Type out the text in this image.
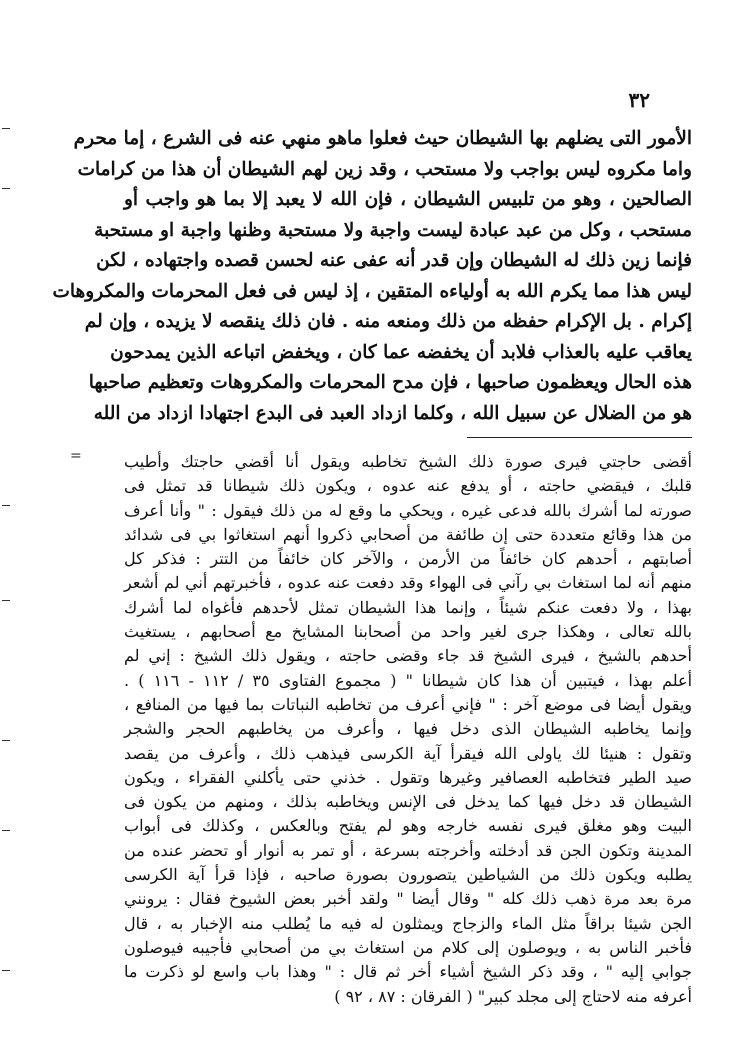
٣٢
الأمور التى يضلهم بها الشيطان حيث فعلوا ماهو منهي عنه فى الشرع ، إما محرم
واما مكروه ليس بواجب ولا مستحب ، وقد زين لهم الشيطان أن هذا من كرامات
الصالحين ، وهو من تلبيس الشيطان ، فإن الله لا يعبد إلا بما هو واجب أو
مستحب ، وكل من عبد عبادة ليست واجبة ولا مستحبة وظنها واجبة او مستحبة
فإنما زين ذلك له الشيطان وإن قدر أنه عفى عنه لحسن قصده واجتهاده ، لكن
ليس هذا مما يكرم الله به أولياءه المتقين ، إذ ليس فى فعل المحرمات والمكروهات
إكرام . بل الإكرام حفظه من ذلك ومنعه منه . فان ذلك ينقصه لا يزيده ، وإن لم
يعاقب عليه بالعذاب فلابد أن يخفضه عما كان ، ويخفض اتباعه الذين يمدحون
هذه الحال ويعظمون صاحبها ، فإن مدح المحرمات والمكروهات وتعظيم صاحبها
هو من الضلال عن سبيل الله ، وكلما ازداد العبد فى البدع اجتهادا ازداد من الله
=	أقضى حاجتي فيرى صورة ذلك الشيخ تخاطبه ويقول أنا أقضي حاجتك وأطيب
قلبك ، فيقضي حاجته ، أو يدفع عنه عدوه ، ويكون ذلك شيطانا قد تمثل فى
صورته لما أشرك بالله فدعى غيره ، ويحكي ما وقع له من ذلك فيقول : " وأنا أعرف
من هذا وقائع متعددة حتى إن طائفة من أصحابي ذكروا أنهم استغاثوا بي فى شدائد
أصابتهم ، أحدهم كان خائفاً من الأرمن ، والآخر كان خائفاً من التتر : فذكر كل
منهم أنه لما استغاث بي رآني فى الهواء وقد دفعت عنه عدوه ، فأخبرتهم أني لم أشعر
بهذا ، ولا دفعت عنكم شيئاً ، وإنما هذا الشيطان تمثل لأحدهم فأغواه لما أشرك
بالله تعالى ، وهكذا جرى لغير واحد من أصحابنا المشايخ مع أصحابهم ، يستغيث
أحدهم بالشيخ ، فيرى الشيخ قد جاء وقضى حاجته ، ويقول ذلك الشيخ : إني لم
أعلم بهذا ، فيتبين أن هذا كان شيطانا " ( مجموع الفتاوى ٣٥ / ١١٢ - ١١٦ ) .
ويقول أيضا فى موضع آخر : " فإني أعرف من تخاطبه النباتات بما فيها من المنافع ،
وإنما يخاطبه الشيطان الذى دخل فيها ، وأعرف من يخاطبهم الحجر والشجر
وتقول : هنيئا لك ياولى الله فيقرأ آية الكرسى فيذهب ذلك ، وأعرف من يقصد
صيد الطير فتخاطبه العصافير وغيرها وتقول . خذني حتى يأكلني الفقراء ، ويكون
الشيطان قد دخل فيها كما يدخل فى الإنس ويخاطبه بذلك ، ومنهم من يكون فى
البيت وهو مغلق فيرى نفسه خارجه وهو لم يفتح وبالعكس ، وكذلك فى أبواب
المدينة وتكون الجن قد أدخلته وأخرجته بسرعة ، أو تمر به أنوار أو تحضر عنده من
يطلبه ويكون ذلك من الشياطين يتصورون بصورة صاحبه ، فإذا قرأ آية الكرسى
مرة بعد مرة ذهب ذلك كله " وقال أيضا " ولقد أخبر بعض الشيوخ فقال : يرونني
الجن شيئا براقاً مثل الماء والزجاج ويمثلون له فيه ما يُطلب منه الإخبار به ، قال
فأخبر الناس به ، ويوصلون إلى كلام من استغاث بي من أصحابي فأجيبه فيوصلون
جوابي إليه " ، وقد ذكر الشيخ أشياء أخر ثم قال : " وهذا باب واسع لو ذكرت ما
أعرفه منه لاحتاج إلى مجلد كبير" ( الفرقان : ٨٧ ، ٩٢ )
